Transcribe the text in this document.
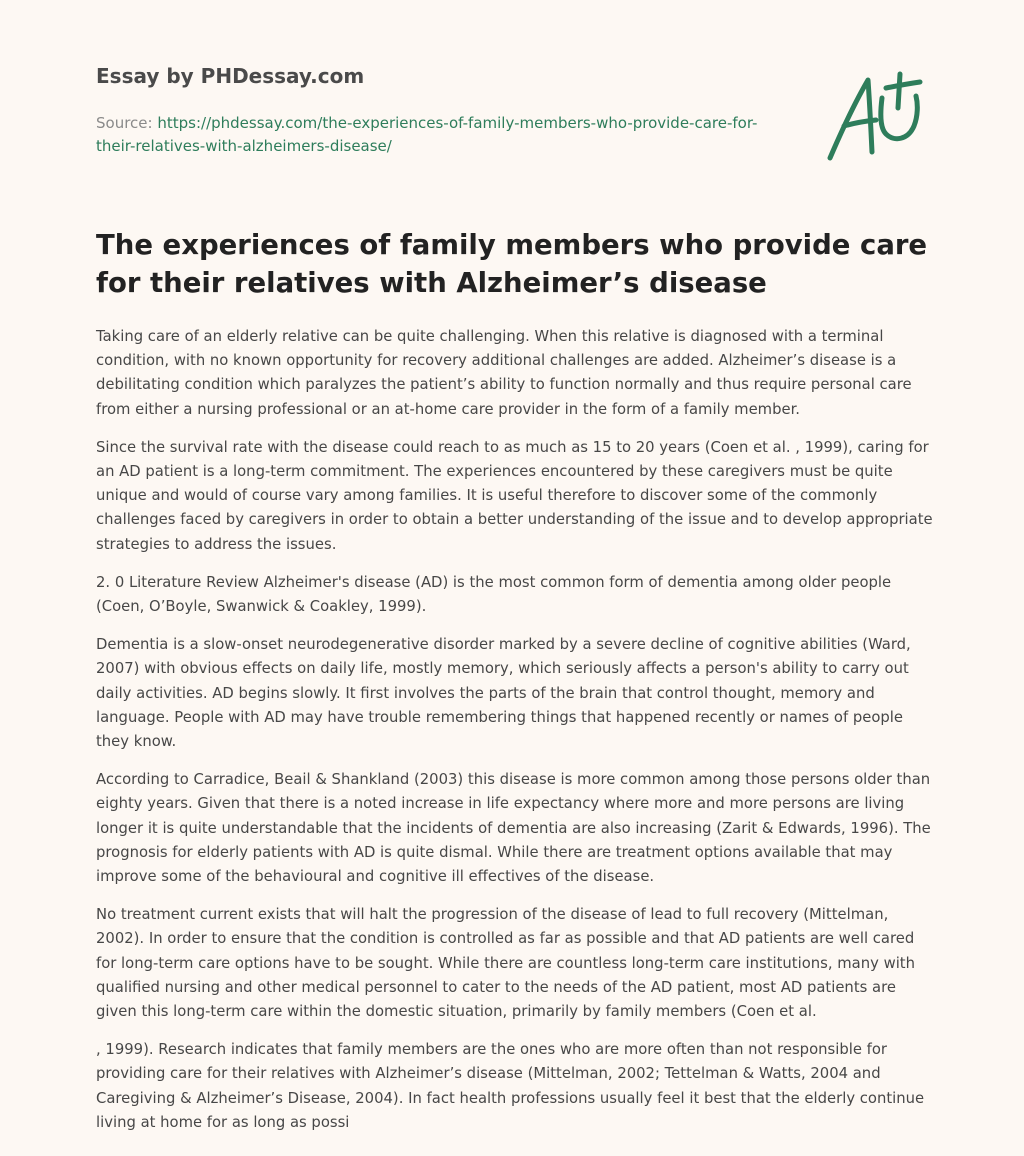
Essay by PHDessay.com
Source: https://phdessay.com/the-experiences-of-family-members-who-provide-care-for-their-relatives-with-alzheimers-disease/
The experiences of family members who provide care for their relatives with Alzheimer’s disease

Taking care of an elderly relative can be quite challenging. When this relative is diagnosed with a terminal condition, with no known opportunity for recovery additional challenges are added. Alzheimer’s disease is a debilitating condition which paralyzes the patient’s ability to function normally and thus require personal care from either a nursing professional or an at-home care provider in the form of a family member.

Since the survival rate with the disease could reach to as much as 15 to 20 years (Coen et al. , 1999), caring for an AD patient is a long-term commitment. The experiences encountered by these caregivers must be quite unique and would of course vary among families. It is useful therefore to discover some of the commonly challenges faced by caregivers in order to obtain a better understanding of the issue and to develop appropriate strategies to address the issues.

2. 0 Literature Review Alzheimer's disease (AD) is the most common form of dementia among older people (Coen, O’Boyle, Swanwick & Coakley, 1999).

Dementia is a slow-onset neurodegenerative disorder marked by a severe decline of cognitive abilities (Ward, 2007) with obvious effects on daily life, mostly memory, which seriously affects a person's ability to carry out daily activities. AD begins slowly. It first involves the parts of the brain that control thought, memory and language. People with AD may have trouble remembering things that happened recently or names of people they know.

According to Carradice, Beail & Shankland (2003) this disease is more common among those persons older than eighty years. Given that there is a noted increase in life expectancy where more and more persons are living longer it is quite understandable that the incidents of dementia are also increasing (Zarit & Edwards, 1996). The prognosis for elderly patients with AD is quite dismal. While there are treatment options available that may improve some of the behavioural and cognitive ill effectives of the disease.

No treatment current exists that will halt the progression of the disease of lead to full recovery (Mittelman, 2002). In order to ensure that the condition is controlled as far as possible and that AD patients are well cared for long-term care options have to be sought. While there are countless long-term care institutions, many with qualified nursing and other medical personnel to cater to the needs of the AD patient, most AD patients are given this long-term care within the domestic situation, primarily by family members (Coen et al.

, 1999). Research indicates that family members are the ones who are more often than not responsible for providing care for their relatives with Alzheimer’s disease (Mittelman, 2002; Tettelman & Watts, 2004 and Caregiving & Alzheimer’s Disease, 2004). In fact health professions usually feel it best that the elderly continue living at home for as long as possi
